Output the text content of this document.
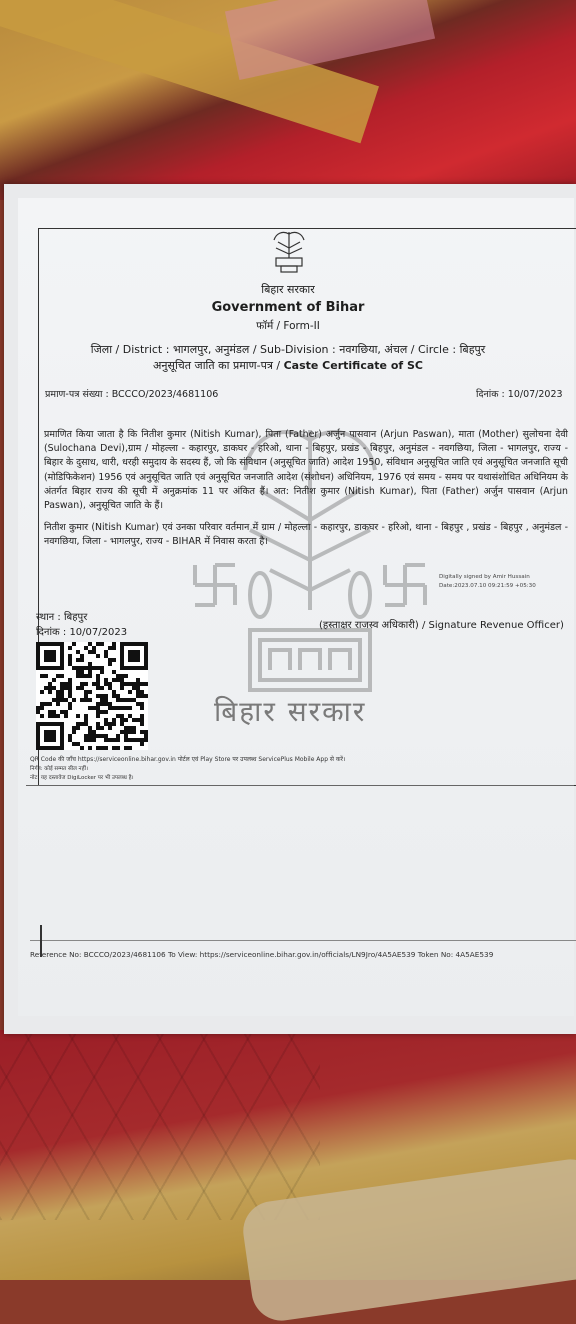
बिहार सरकार
Government of Bihar
फॉर्म / Form-II
जिला / District : भागलपुर, अनुमंडल / Sub-Division : नवगछिया, अंचल / Circle : बिहपुर
अनुसूचित जाति का प्रमाण-पत्र / Caste Certificate of SC
प्रमाण-पत्र संख्या : BCCCO/2023/4681106	दिनांक : 10/07/2023
बिहार सरकार
प्रमाणित किया जाता है कि नितीश कुमार (Nitish Kumar), पिता (Father) अर्जुन पासवान (Arjun Paswan), माता (Mother) सुलोचना देवी (Sulochana Devi),ग्राम / मोहल्ला - कहारपुर, डाकघर - हरिओ, थाना - बिहपुर, प्रखंड - बिहपुर, अनुमंडल - नवगछिया, जिला - भागलपुर, राज्य - बिहार के दुसाध, धारी, धरही समुदाय के सदस्य हैं, जो कि संविधान (अनुसूचित जाति) आदेश 1950, संविधान अनुसूचित जाति एवं अनुसूचित जनजाति सूची (मोडिफिकेशन) 1956 एवं अनुसूचित जाति एवं अनुसूचित जनजाति आदेश (संशोधन) अधिनियम, 1976 एवं समय - समय पर यथासंशोधित अधिनियम के अंतर्गत बिहार राज्य की सूची में अनुक्रमांक 11 पर अंकित हैं। अत: नितीश कुमार (Nitish Kumar), पिता (Father) अर्जुन पासवान (Arjun Paswan), अनुसूचित जाति के हैं।
नितीश कुमार (Nitish Kumar) एवं उनका परिवार वर्तमान में ग्राम / मोहल्ला - कहारपुर, डाकघर - हरिओ, थाना - बिहपुर , प्रखंड - बिहपुर , अनुमंडल - नवगछिया, जिला - भागलपुर, राज्य - BIHAR में निवास करता है।
Digitally signed by Amir Hussain
Date:2023.07.10 09:21:59 +05:30
स्थान : बिहपुर
दिनांक : 10/07/2023
(हस्ताक्षर राजस्व अधिकारी) / Signature Revenue Officer)
QR Code की जाँच https://serviceonline.bihar.gov.in पोर्टल एवं Play Store पर उपलब्ध ServicePlus Mobile App से करें।
निर्गत: कोई सम्मत सील नहीं।
नोट: यह दस्तावेज DigiLocker पर भी उपलब्ध है।
Reference No: BCCCO/2023/4681106 To View: https://serviceonline.bihar.gov.in/officials/LN9Jro/4A5AE539 Token No: 4A5AE539
